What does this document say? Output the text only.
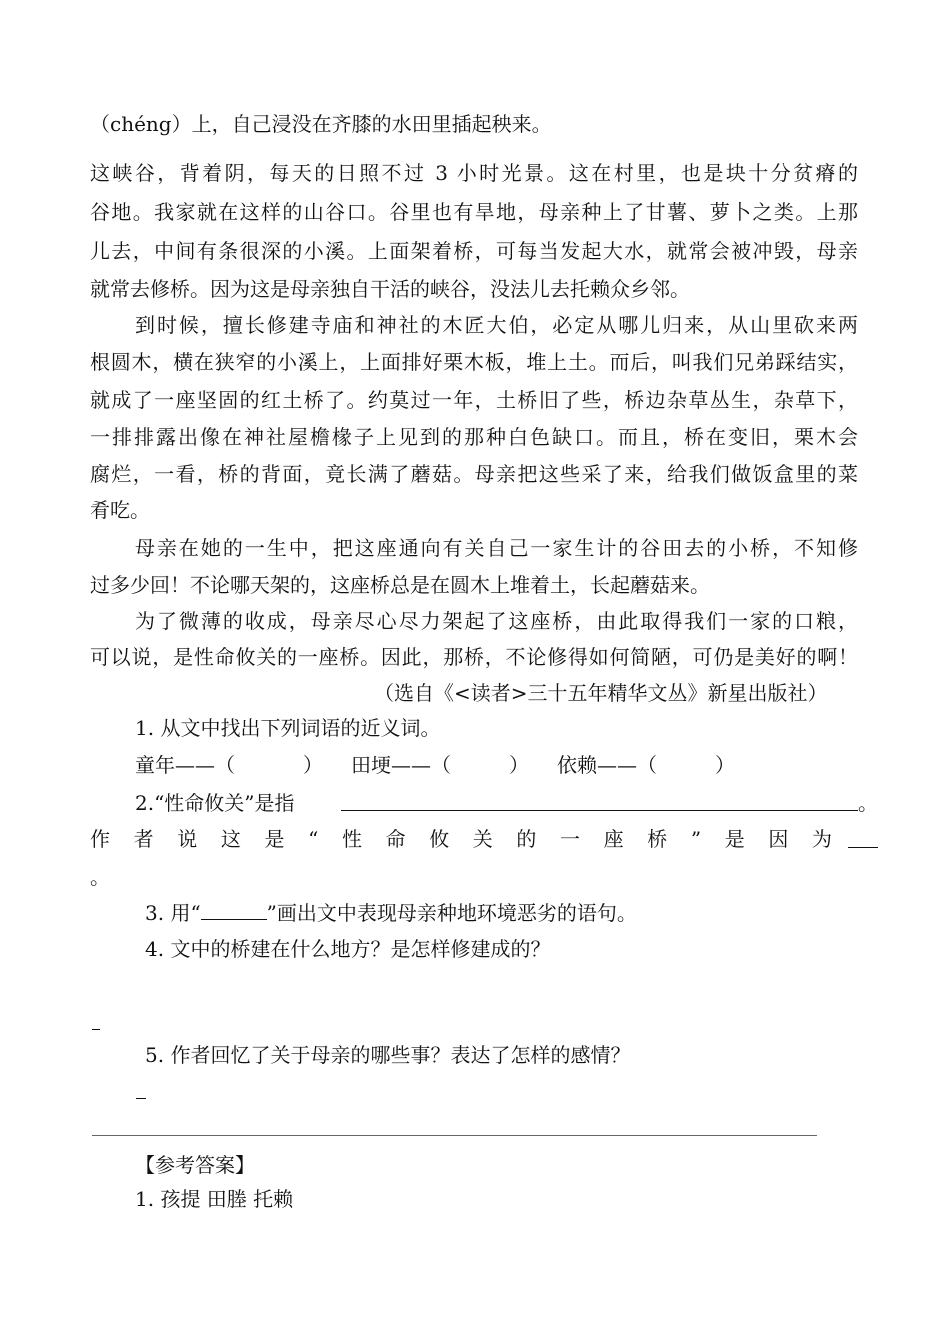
（chéng）上，自己浸没在齐膝的水田里插起秧来。
这峡谷，背着阴，每天的日照不过 3 小时光景。这在村里，也是块十分贫瘠的
谷地。我家就在这样的山谷口。谷里也有旱地，母亲种上了甘薯、萝卜之类。上那
儿去，中间有条很深的小溪。上面架着桥，可每当发起大水，就常会被冲毁，母亲
就常去修桥。因为这是母亲独自干活的峡谷，没法儿去托赖众乡邻。
到时候，擅长修建寺庙和神社的木匠大伯，必定从哪儿归来，从山里砍来两
根圆木，横在狭窄的小溪上，上面排好栗木板，堆上土。而后，叫我们兄弟踩结实，
就成了一座坚固的红土桥了。约莫过一年，土桥旧了些，桥边杂草丛生，杂草下，
一排排露出像在神社屋檐椽子上见到的那种白色缺口。而且，桥在变旧，栗木会
腐烂，一看，桥的背面，竟长满了蘑菇。母亲把这些采了来，给我们做饭盒里的菜
肴吃。
母亲在她的一生中，把这座通向有关自己一家生计的谷田去的小桥，不知修
过多少回！不论哪天架的，这座桥总是在圆木上堆着土，长起蘑菇来。
为了微薄的收成，母亲尽心尽力架起了这座桥，由此取得我们一家的口粮，
可以说，是性命攸关的一座桥。因此，那桥，不论修得如何简陋，可仍是美好的啊！
（选自《<读者>三十五年精华文丛》新星出版社）
1. 从文中找出下列词语的近义词。
童年——（	） 田埂——（	） 依赖——（	）
2.“性命攸关”是指	。
作者说这是“性命攸关的一座桥”是因为
。
3. 用“	”画出文中表现母亲种地环境恶劣的语句。
4. 文中的桥建在什么地方？是怎样修建成的？
5. 作者回忆了关于母亲的哪些事？表达了怎样的感情？
【参考答案】
1. 孩提 田塍 托赖
